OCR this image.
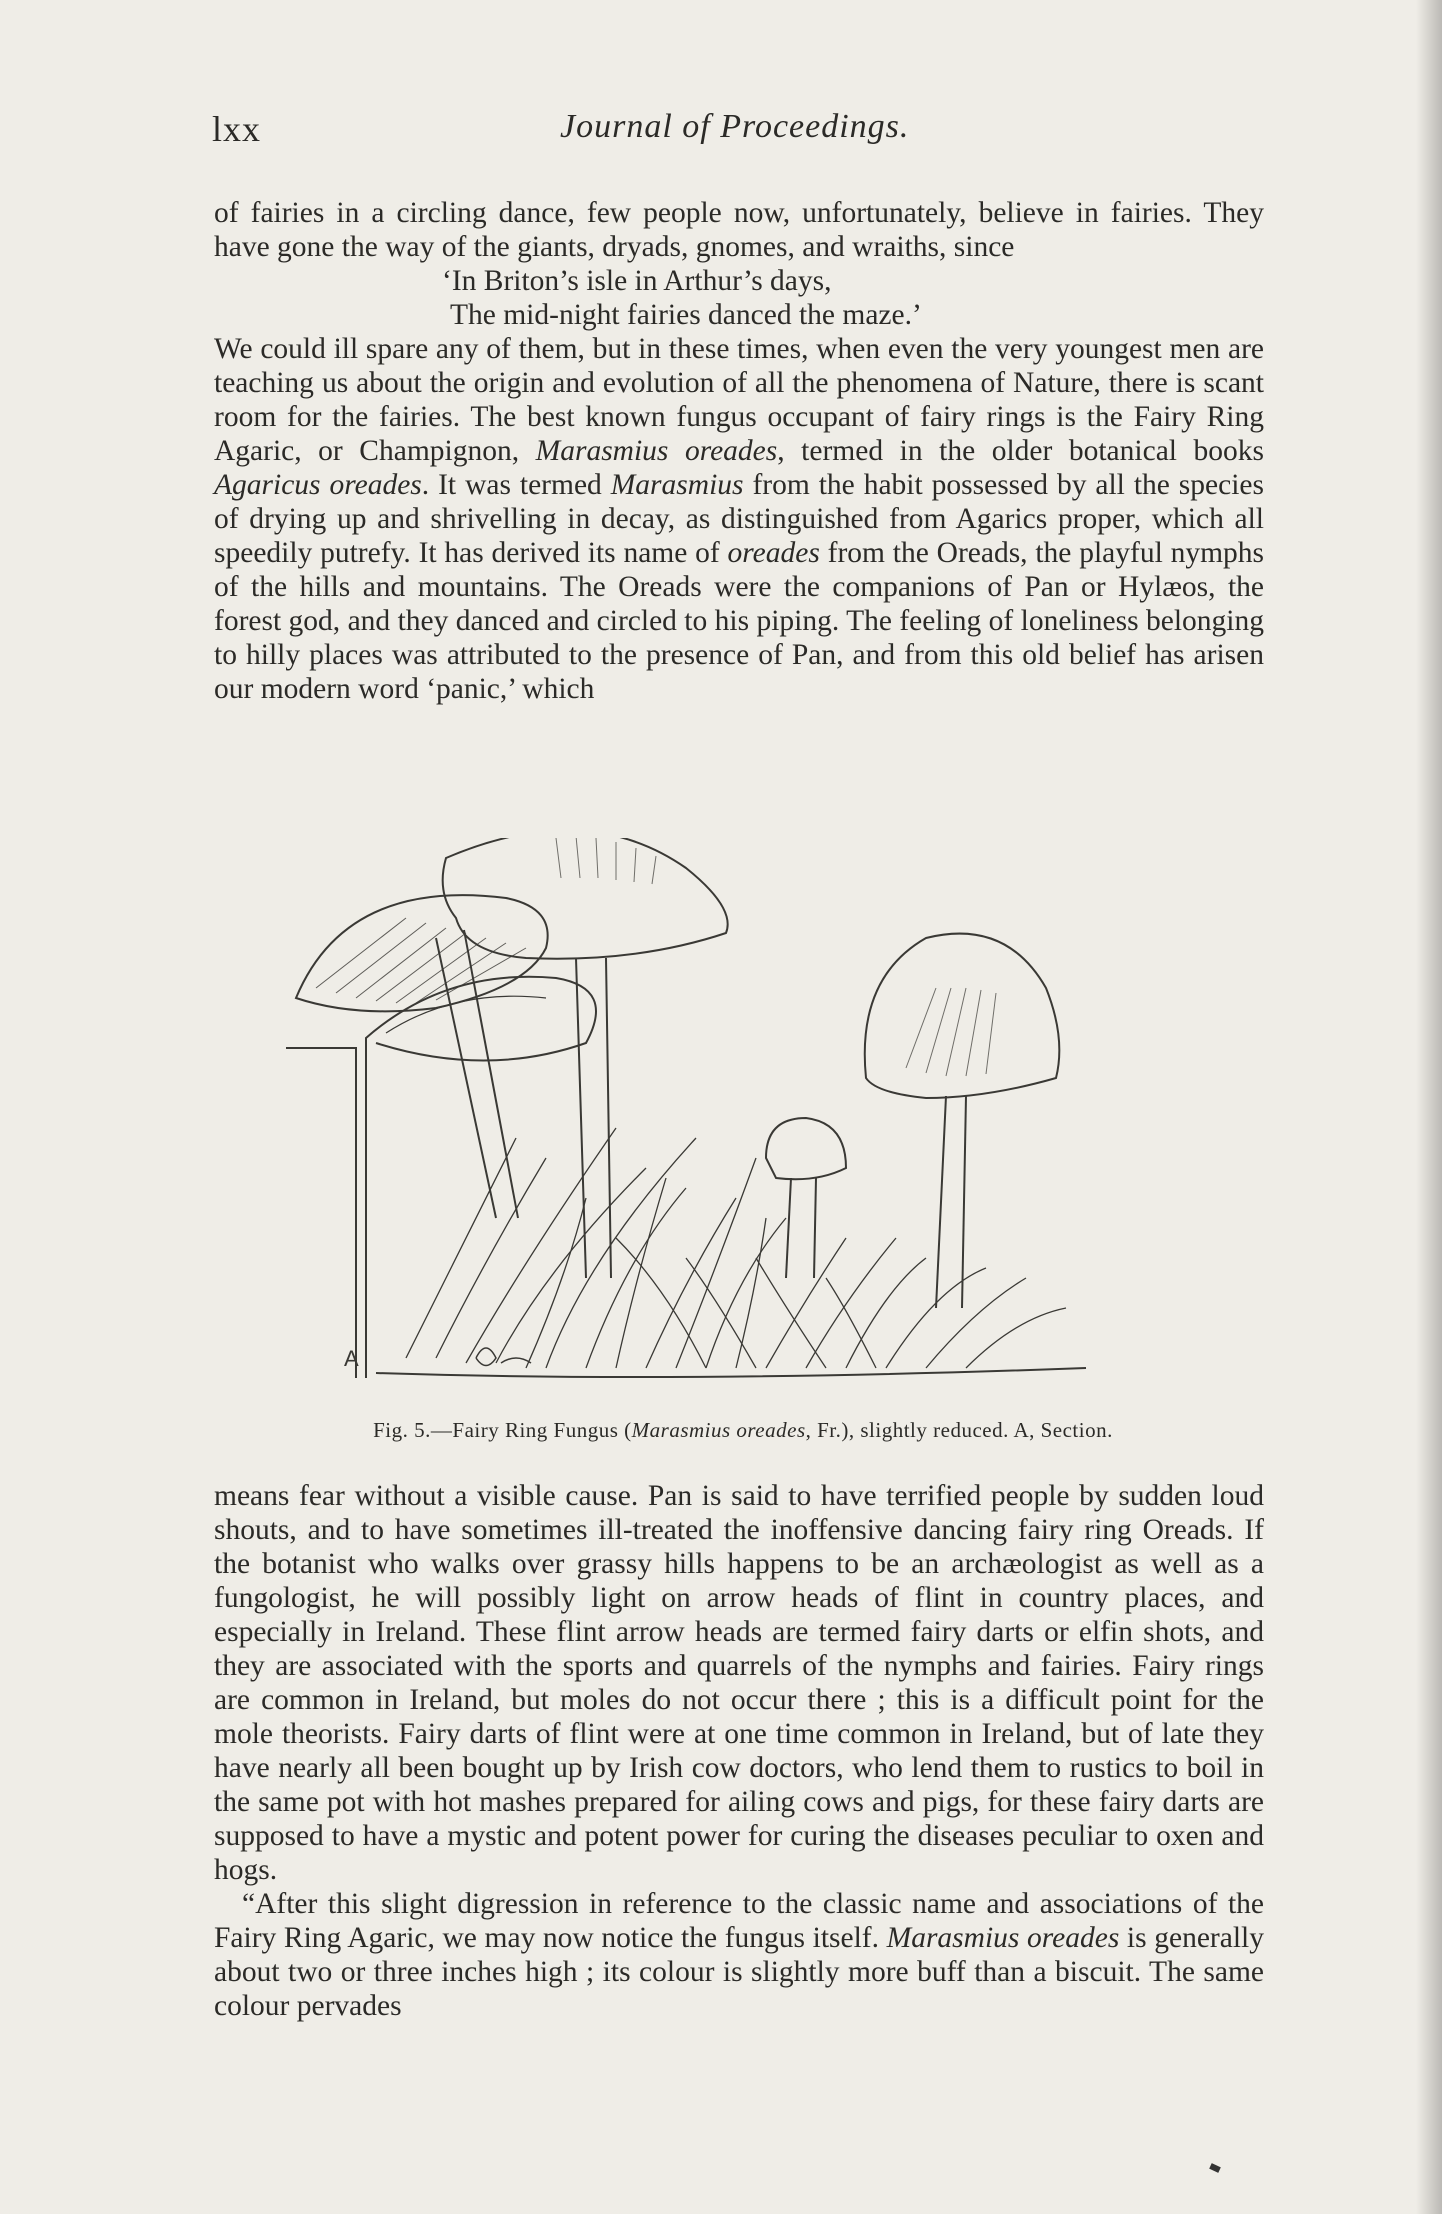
lxx	Journal of Proceedings.

of fairies in a circling dance, few people now, unfortunately, believe in fairies. They have gone the way of the giants, dryads, gnomes, and wraiths, since

‘In Briton’s isle in Arthur’s days,
The mid-night fairies danced the maze.’

We could ill spare any of them, but in these times, when even the very youngest men are teaching us about the origin and evolution of all the phenomena of Nature, there is scant room for the fairies. The best known fungus occupant of fairy rings is the Fairy Ring Agaric, or Champignon, Marasmius oreades, termed in the older botanical books Agaricus oreades. It was termed Marasmius from the habit possessed by all the species of drying up and shrivelling in decay, as distinguished from Agarics proper, which all speedily putrefy. It has derived its name of oreades from the Oreads, the playful nymphs of the hills and mountains. The Oreads were the companions of Pan or Hylæos, the forest god, and they danced and circled to his piping. The feeling of loneliness belonging to hilly places was attributed to the presence of Pan, and from this old belief has arisen our modern word ‘panic,’ which

A
Fig. 5.—Fairy Ring Fungus (Marasmius oreades, Fr.), slightly reduced. A, Section.

means fear without a visible cause. Pan is said to have terrified people by sudden loud shouts, and to have sometimes ill-treated the inoffensive dancing fairy ring Oreads. If the botanist who walks over grassy hills happens to be an archæologist as well as a fungologist, he will possibly light on arrow heads of flint in country places, and especially in Ireland. These flint arrow heads are termed fairy darts or elfin shots, and they are associated with the sports and quarrels of the nymphs and fairies. Fairy rings are common in Ireland, but moles do not occur there ; this is a difficult point for the mole theorists. Fairy darts of flint were at one time common in Ireland, but of late they have nearly all been bought up by Irish cow doctors, who lend them to rustics to boil in the same pot with hot mashes prepared for ailing cows and pigs, for these fairy darts are supposed to have a mystic and potent power for curing the diseases peculiar to oxen and hogs.

“After this slight digression in reference to the classic name and associations of the Fairy Ring Agaric, we may now notice the fungus itself. Marasmius oreades is generally about two or three inches high ; its colour is slightly more buff than a biscuit. The same colour pervades
